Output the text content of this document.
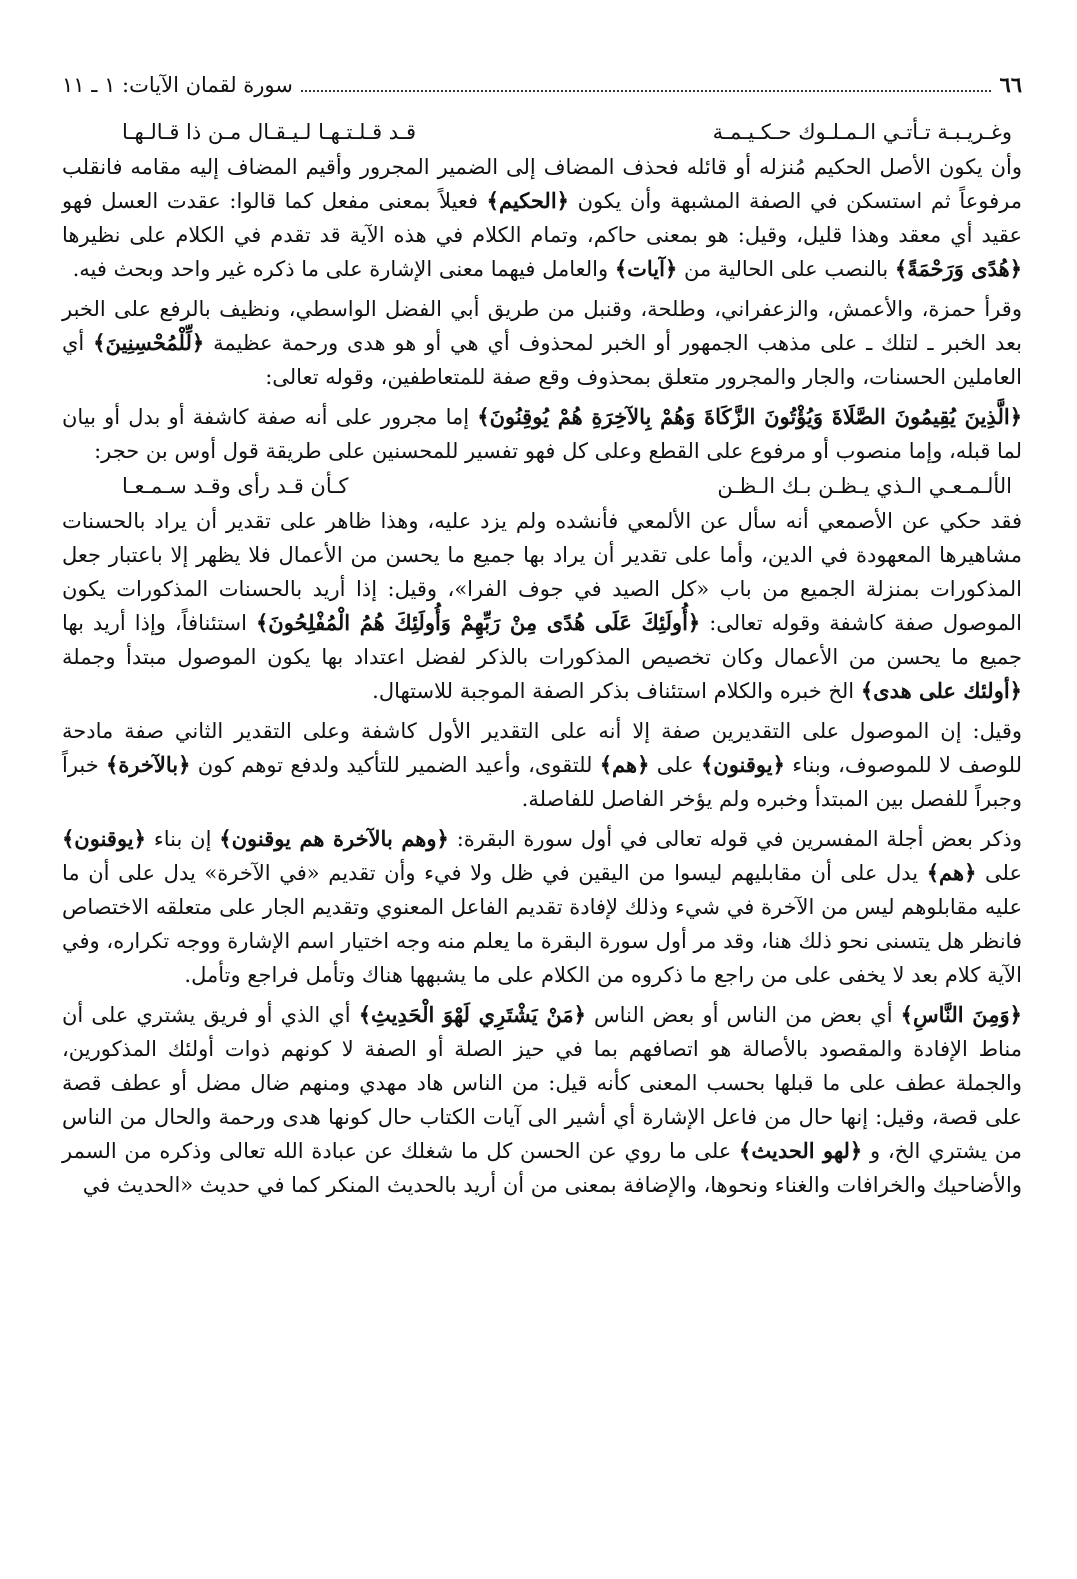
٦٦
سورة لقمان الآيات: ١ ـ ١١
وغـريـبـة تـأتـي الـمـلـوك حـكـيـمـة
قـد قـلـتـهـا لـيـقـال مـن ذا قـالـهـا

وأن يكون الأصل الحكيم مُنزله أو قائله فحذف المضاف إلى الضمير المجرور وأقيم المضاف إليه مقامه فانقلب مرفوعاً ثم استسكن في الصفة المشبهة وأن يكون ﴿الحكيم﴾ فعيلاً بمعنى مفعل كما قالوا: عقدت العسل فهو عقيد أي معقد وهذا قليل، وقيل: هو بمعنى حاكم، وتمام الكلام في هذه الآية قد تقدم في الكلام على نظيرها ﴿هُدًى وَرَحْمَةً﴾ بالنصب على الحالية من ﴿آيات﴾ والعامل فيهما معنى الإشارة على ما ذكره غير واحد وبحث فيه.

وقرأ حمزة، والأعمش، والزعفراني، وطلحة، وقنبل من طريق أبي الفضل الواسطي، ونظيف بالرفع على الخبر بعد الخبر ـ لتلك ـ على مذهب الجمهور أو الخبر لمحذوف أي هي أو هو هدى ورحمة عظيمة ﴿لِّلْمُحْسِنِينَ﴾ أي العاملين الحسنات، والجار والمجرور متعلق بمحذوف وقع صفة للمتعاطفين، وقوله تعالى:

﴿الَّذِينَ يُقِيمُونَ الصَّلَاةَ وَيُؤْتُونَ الزَّكَاةَ وَهُمْ بِالآخِرَةِ هُمْ يُوقِنُونَ﴾ إما مجرور على أنه صفة كاشفة أو بدل أو بيان لما قبله، وإما منصوب أو مرفوع على القطع وعلى كل فهو تفسير للمحسنين على طريقة قول أوس بن حجر:

الألـمـعـي الـذي يـظـن بـك الـظـن
كـأن قـد رأى وقـد سـمـعـا

فقد حكي عن الأصمعي أنه سأل عن الألمعي فأنشده ولم يزد عليه، وهذا ظاهر على تقدير أن يراد بالحسنات مشاهيرها المعهودة في الدين، وأما على تقدير أن يراد بها جميع ما يحسن من الأعمال فلا يظهر إلا باعتبار جعل المذكورات بمنزلة الجميع من باب «كل الصيد في جوف الفرا»، وقيل: إذا أريد بالحسنات المذكورات يكون الموصول صفة كاشفة وقوله تعالى: ﴿أُولَئِكَ عَلَى هُدًى مِنْ رَبِّهِمْ وَأُولَئِكَ هُمُ الْمُفْلِحُونَ﴾ استئنافاً، وإذا أريد بها جميع ما يحسن من الأعمال وكان تخصيص المذكورات بالذكر لفضل اعتداد بها يكون الموصول مبتدأ وجملة ﴿أولئك على هدى﴾ الخ خبره والكلام استئناف بذكر الصفة الموجبة للاستهال.

وقيل: إن الموصول على التقديرين صفة إلا أنه على التقدير الأول كاشفة وعلى التقدير الثاني صفة مادحة للوصف لا للموصوف، وبناء ﴿يوقنون﴾ على ﴿هم﴾ للتقوى، وأعيد الضمير للتأكيد ولدفع توهم كون ﴿بالآخرة﴾ خبراً وجبراً للفصل بين المبتدأ وخبره ولم يؤخر الفاصل للفاصلة.

وذكر بعض أجلة المفسرين في قوله تعالى في أول سورة البقرة: ﴿وهم بالآخرة هم يوقنون﴾ إن بناء ﴿يوقنون﴾ على ﴿هم﴾ يدل على أن مقابليهم ليسوا من اليقين في ظل ولا فيء وأن تقديم «في الآخرة» يدل على أن ما عليه مقابلوهم ليس من الآخرة في شيء وذلك لإفادة تقديم الفاعل المعنوي وتقديم الجار على متعلقه الاختصاص فانظر هل يتسنى نحو ذلك هنا، وقد مر أول سورة البقرة ما يعلم منه وجه اختيار اسم الإشارة ووجه تكراره، وفي الآية كلام بعد لا يخفى على من راجع ما ذكروه من الكلام على ما يشبهها هناك وتأمل فراجع وتأمل.

﴿وَمِنَ النَّاسِ﴾ أي بعض من الناس أو بعض الناس ﴿مَنْ يَشْتَرِي لَهْوَ الْحَدِيثِ﴾ أي الذي أو فريق يشتري على أن مناط الإفادة والمقصود بالأصالة هو اتصافهم بما في حيز الصلة أو الصفة لا كونهم ذوات أولئك المذكورين، والجملة عطف على ما قبلها بحسب المعنى كأنه قيل: من الناس هاد مهدي ومنهم ضال مضل أو عطف قصة على قصة، وقيل: إنها حال من فاعل الإشارة أي أشير الى آيات الكتاب حال كونها هدى ورحمة والحال من الناس من يشتري الخ، و ﴿لهو الحديث﴾ على ما روي عن الحسن كل ما شغلك عن عبادة الله تعالى وذكره من السمر والأضاحيك والخرافات والغناء ونحوها، والإضافة بمعنى من أن أريد بالحديث المنكر كما في حديث «الحديث في
